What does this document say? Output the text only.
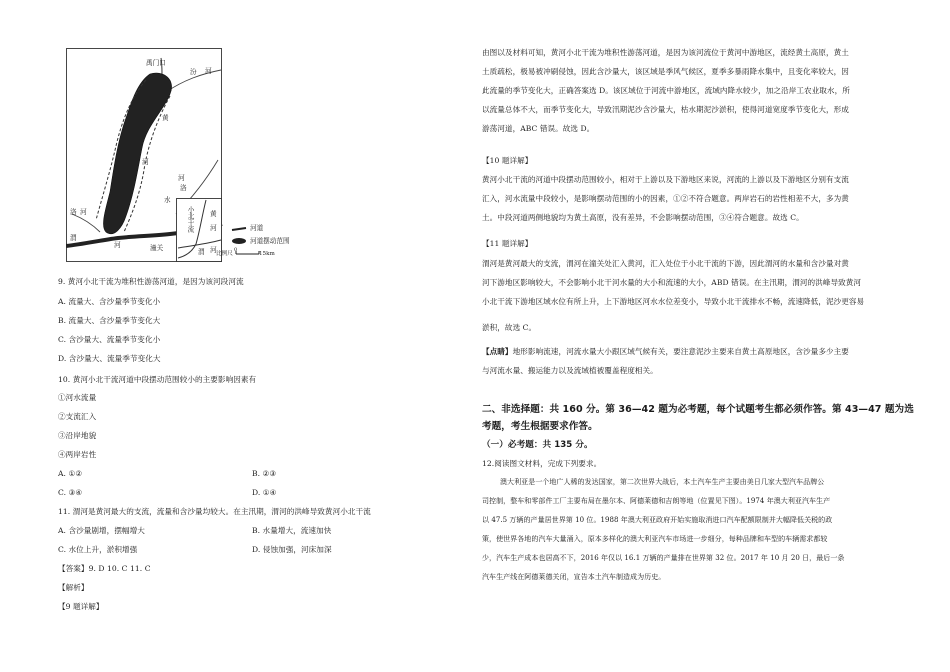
禹门口
汾 河
黄
河
洛
水
河
洛 河
渭
河	潼关
黄
河
小北干流
渭 河
河道
河道摆动范围
比例尺
0
15km
9. 黄河小北干流为堆积性游荡河道，是因为该河段河流
A. 流量大、含沙量季节变化小
B. 流量大、含沙量季节变化大
C. 含沙量大、流量季节变化小
D. 含沙量大、流量季节变化大
10. 黄河小北干流河道中段摆动范围较小的主要影响因素有
①河水流量
②支流汇入
③沿岸地貌
④两岸岩性
A. ①②	B. ②③
C. ③④	D. ①④
11. 渭河是黄河最大的支流，流量和含沙量均较大。在主汛期，渭河的洪峰导致黄河小北干流
A. 含沙量剧增，摆幅增大	B. 水量增大，流速加快
C. 水位上升，淤积增强	D. 侵蚀加强，河床加深
【答案】9. D 10. C 11. C
【解析】
【9 题详解】
由图以及材料可知，黄河小北干流为堆积性游荡河道，是因为该河流位于黄河中游地区，流经黄土高原，黄土
土质疏松，极易被冲刷侵蚀，因此含沙量大，该区域是季风气候区，夏季多暴雨降水集中，且变化率较大，因
此流量的季节变化大，正确答案选 D。该区域位于河流中游地区，流域内降水较少，加之沿岸工农业取水，所
以流量总体不大，而季节变化大，导致汛期泥沙含沙量大，枯水期泥沙淤积，使得河道宽度季节变化大，形成
游荡河道，ABC 错误。故选 D。
【10 题详解】
黄河小北干流的河道中段摆动范围较小，相对于上游以及下游地区来说，河流的上游以及下游地区分别有支流
汇入，河水流量中段较小，是影响摆动范围的小的因素，①②不符合题意。两岸岩石的岩性相差不大，多为黄
土。中段河道两侧地貌均为黄土高原，没有差异，不会影响摆动范围，③④符合题意。故选 C。
【11 题详解】
渭河是黄河最大的支流，渭河在潼关处汇入黄河，汇入处位于小北干流的下游，因此渭河的水量和含沙量对黄
河下游地区影响较大，不会影响小北干河水量的大小和流速的大小，ABD 错误。在主汛期，渭河的洪峰导致黄河
小北干流下游地区域水位有所上升，上下游地区河水水位差变小，导致小北干流排水不畅，流速降低，泥沙更容易
淤积，故选 C。
【点睛】地形影响流速，河流水量大小跟区域气候有关，要注意泥沙主要来自黄土高原地区，含沙量多少主要
与河流水量、搬运能力以及流域植被覆盖程度相关。
二、非选择题：共 160 分。第 36—42 题为必考题，每个试题考生都必须作答。第 43—47 题为选
考题，考生根据要求作答。
（一）必考题：共 135 分。
12.阅读图文材料，完成下列要求。
澳大利亚是一个地广人稀的发达国家，第二次世界大战后，本土汽车生产主要由美日几家大型汽车品牌公
司控制，整车和零部件工厂主要布局在墨尔本、阿德莱德和吉朗等地（位置见下图）。1974 年澳大利亚汽车生产
以 47.5 万辆的产量居世界第 10 位。1988 年澳大利亚政府开始实施取消进口汽车配额限制并大幅降低关税的政
策，使世界各地的汽车大量涌入，原本多样化的澳大利亚汽车市场进一步细分，每种品牌和车型的车辆需求都较
少，汽车生产成本也居高不下，2016 年仅以 16.1 万辆的产量排在世界第 32 位。2017 年 10 月 20 日，最后一条
汽车生产线在阿德莱德关闭，宣告本土汽车制造成为历史。
